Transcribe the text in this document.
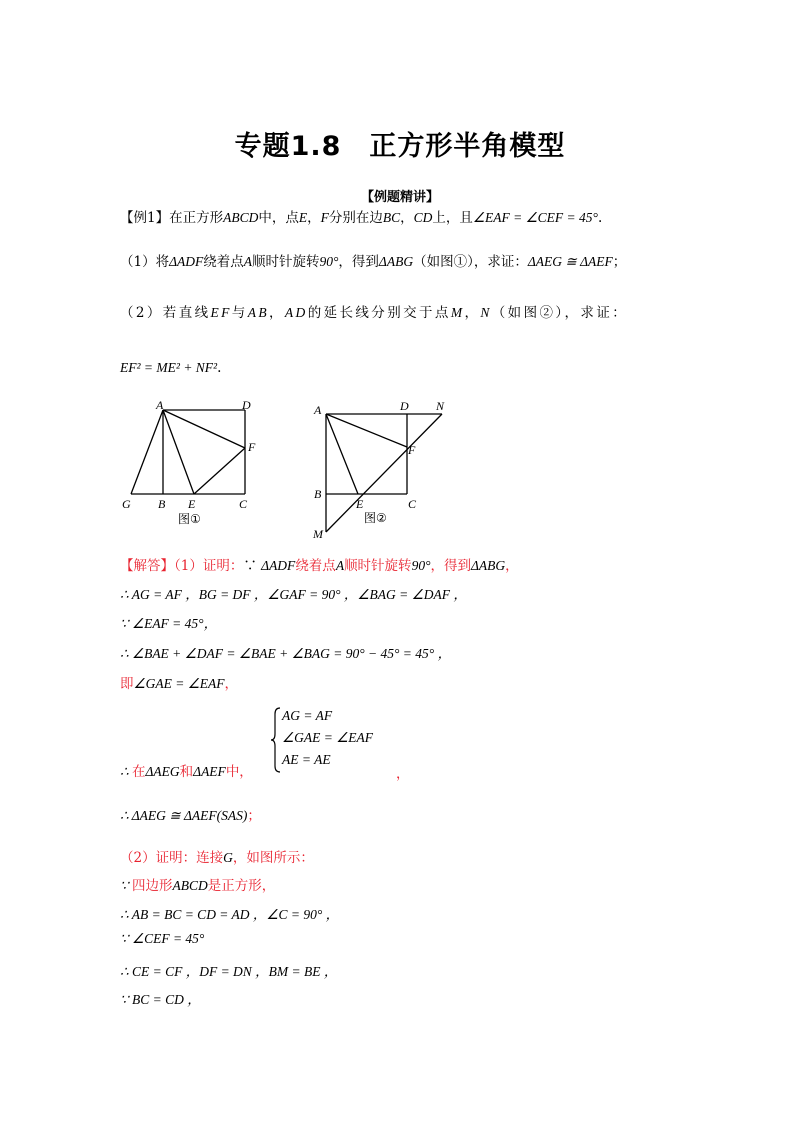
专题1.8　正方形半角模型
【例题精讲】
【例1】在正方形ABCD中，点E，F分别在边BC，CD上，且∠EAF = ∠CEF = 45°.
（1）将ΔADF绕着点A顺时针旋转90°，得到ΔABG（如图①），求证：ΔAEG ≅ ΔAEF；
（2）若直线EF与AB，AD的延长线分别交于点M，N（如图②），求证：
EF² = ME² + NF².
A	D
F
G B E	C
图①
A	D N
F
B
E	C
M
图②
【解答】（1）证明：∵ ΔADF绕着点A顺时针旋转90°，得到ΔABG，
∴ AG = AF ，BG = DF ，∠GAF = 90° ，∠BAG = ∠DAF ，
∵ ∠EAF = 45°，
∴ ∠BAE + ∠DAF = ∠BAE + ∠BAG = 90° − 45° = 45° ，
即∠GAE = ∠EAF，
AG = AF
∠GAE = ∠EAF
AE = AE
∴ 在ΔAEG和ΔAEF中，	，
∴ ΔAEG ≅ ΔAEF(SAS)；
（2）证明：连接G，如图所示：
∵ 四边形ABCD是正方形，
∴ AB = BC = CD = AD ，∠C = 90° ，
∵ ∠CEF = 45°
∴ CE = CF ，DF = DN ，BM = BE ，
∵ BC = CD ，
